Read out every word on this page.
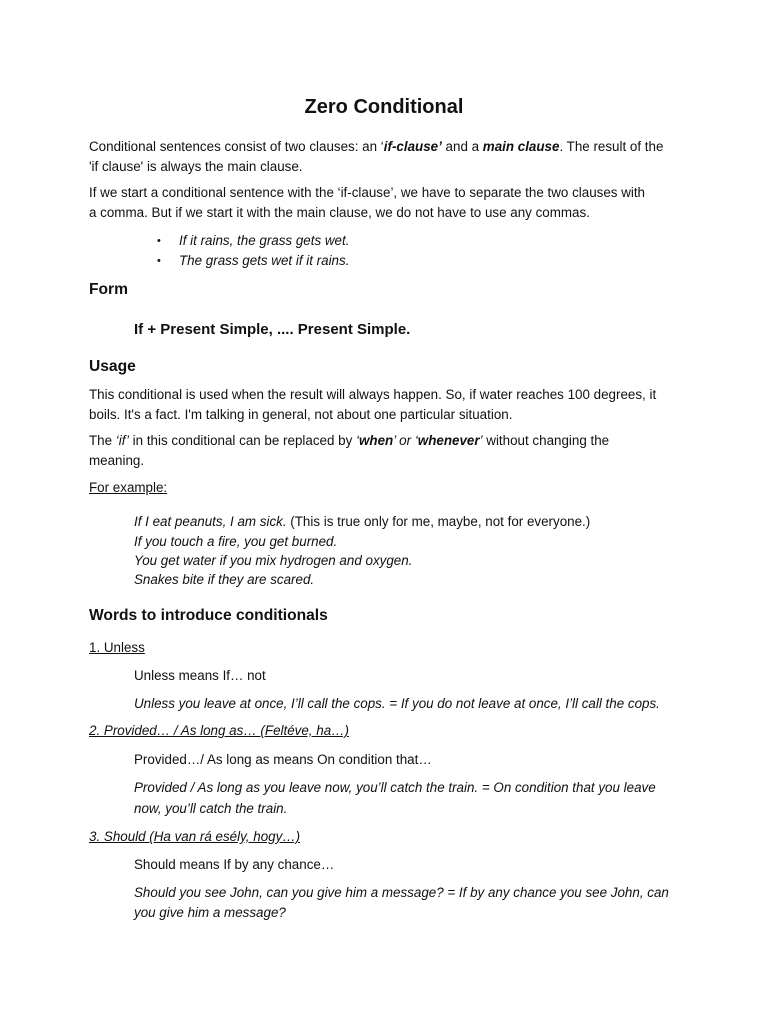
Zero Conditional
Conditional sentences consist of two clauses: an ‘if-clause’ and a main clause. The result of the
'if clause' is always the main clause.
If we start a conditional sentence with the ‘if-clause’, we have to separate the two clauses with
a comma. But if we start it with the main clause, we do not have to use any commas.
• If it rains, the grass gets wet.
• The grass gets wet if it rains.
Form
If + Present Simple, .... Present Simple.
Usage
This conditional is used when the result will always happen. So, if water reaches 100 degrees, it
boils. It's a fact. I'm talking in general, not about one particular situation.
The ‘if’ in this conditional can be replaced by ‘when’ or ‘whenever’ without changing the
meaning.
For example:
If I eat peanuts, I am sick. (This is true only for me, maybe, not for everyone.)
If you touch a fire, you get burned.
You get water if you mix hydrogen and oxygen.
Snakes bite if they are scared.
Words to introduce conditionals
1. Unless
Unless means If… not
Unless you leave at once, I’ll call the cops. = If you do not leave at once, I’ll call the cops.
2. Provided… / As long as… (Feltéve, ha…)
Provided…/ As long as means On condition that…
Provided / As long as you leave now, you’ll catch the train. = On condition that you leave
now, you’ll catch the train.
3. Should (Ha van rá esély, hogy…)
Should means If by any chance…
Should you see John, can you give him a message? = If by any chance you see John, can
you give him a message?
